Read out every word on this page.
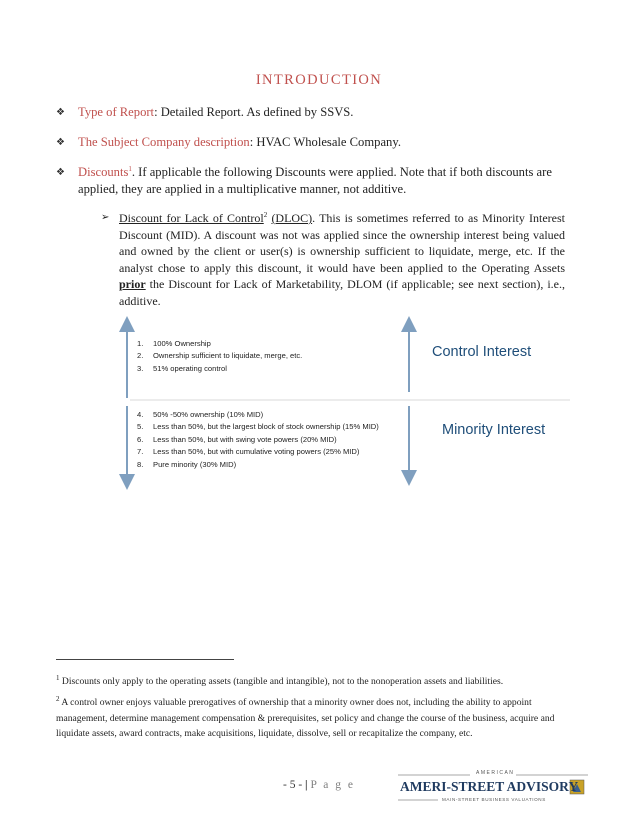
INTRODUCTION
❖ Type of Report: Detailed Report. As defined by SSVS.
❖ The Subject Company description: HVAC Wholesale Company.
❖ Discounts$^1$. If applicable the following Discounts were applied. Note that if both discounts are
applied, they are applied in a multiplicative manner, not additive.
➢ Discount for Lack of Control$^2$ (DLOC). This is sometimes referred to as Minority Interest Discount (MID). A discount was not was applied since the ownership interest being valued and owned by the client or user(s) is ownership sufficient to liquidate, merge, etc. If the analyst chose to apply this discount, it would have been applied to the Operating Assets prior the Discount for Lack of Marketability, DLOM (if applicable; see next section), i.e., additive.
1.	100% Ownership
2.	Ownership sufficient to liquidate, merge, etc.
3.	51% operating control
Control Interest
4.	50% -50% ownership (10% MID)
5.	Less than 50%, but the largest block of stock ownership (15% MID)
6.	Less than 50%, but with swing vote powers (20% MID)
7.	Less than 50%, but with cumulative voting powers (25% MID)
8.	Pure minority (30% MID)
Minority Interest

$^1$ Discounts only apply to the operating assets (tangible and intangible), not to the nonoperation assets and liabilities.

$^2$ A control owner enjoys valuable prerogatives of ownership that a minority owner does not, including the ability to appoint management, determine management compensation & prerequisites, set policy and change the course of the business, acquire and liquidate assets, award contracts, make acquisitions, liquidate, dissolve, sell or recapitalize the company, etc.

- 5 - | P a g e
AMERICAN
AMERI-STREET ADVISORY
MAIN-STREET BUSINESS VALUATIONS
